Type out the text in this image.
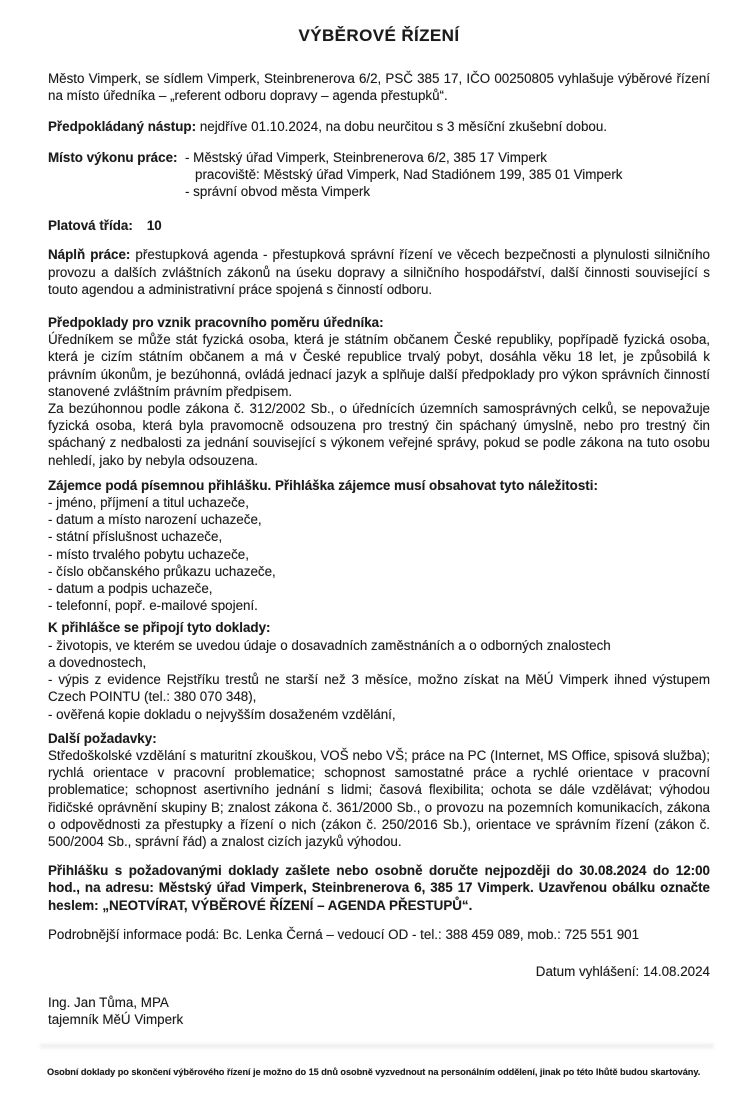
VÝBĚROVÉ ŘÍZENÍ

Město Vimperk, se sídlem Vimperk, Steinbrenerova 6/2, PSČ 385 17, IČO 00250805 vyhlašuje výběrové řízení na místo úředníka – „referent odboru dopravy – agenda přestupků“.

Předpokládaný nástup: nejdříve 01.10.2024, na dobu neurčitou s 3 měsíční zkušební dobou.

Místo výkonu práce: - Městský úřad Vimperk, Steinbrenerova 6/2, 385 17 Vimperk
pracoviště: Městský úřad Vimperk, Nad Stadiónem 199, 385 01 Vimperk
- správní obvod města Vimperk

Platová třída: 10

Náplň práce: přestupková agenda - přestupková správní řízení ve věcech bezpečnosti a plynulosti silničního provozu a dalších zvláštních zákonů na úseku dopravy a silničního hospodářství, další činnosti související s touto agendou a administrativní práce spojená s činností odboru.

Předpoklady pro vznik pracovního poměru úředníka:

Úředníkem se může stát fyzická osoba, která je státním občanem České republiky, popřípadě fyzická osoba, která je cizím státním občanem a má v České republice trvalý pobyt, dosáhla věku 18 let, je způsobilá k právním úkonům, je bezúhonná, ovládá jednací jazyk a splňuje další předpoklady pro výkon správních činností stanovené zvláštním právním předpisem.

Za bezúhonnou podle zákona č. 312/2002 Sb., o úřednících územních samosprávných celků, se nepovažuje fyzická osoba, která byla pravomocně odsouzena pro trestný čin spáchaný úmyslně, nebo pro trestný čin spáchaný z nedbalosti za jednání související s výkonem veřejné správy, pokud se podle zákona na tuto osobu nehledí, jako by nebyla odsouzena.

Zájemce podá písemnou přihlášku. Přihláška zájemce musí obsahovat tyto náležitosti:

- jméno, příjmení a titul uchazeče,

- datum a místo narození uchazeče,

- státní příslušnost uchazeče,

- místo trvalého pobytu uchazeče,

- číslo občanského průkazu uchazeče,

- datum a podpis uchazeče,

- telefonní, popř. e-mailové spojení.

K přihlášce se připojí tyto doklady:

- životopis, ve kterém se uvedou údaje o dosavadních zaměstnáních a o odborných znalostech

a dovednostech,

- výpis z evidence Rejstříku trestů ne starší než 3 měsíce, možno získat na MěÚ Vimperk ihned výstupem Czech POINTU (tel.: 380 070 348),

- ověřená kopie dokladu o nejvyšším dosaženém vzdělání,

Další požadavky:

Středoškolské vzdělání s maturitní zkouškou, VOŠ nebo VŠ; práce na PC (Internet, MS Office, spisová služba); rychlá orientace v pracovní problematice; schopnost samostatné práce a rychlé orientace v pracovní problematice; schopnost asertivního jednání s lidmi; časová flexibilita; ochota se dále vzdělávat; výhodou řidičské oprávnění skupiny B; znalost zákona č. 361/2000 Sb., o provozu na pozemních komunikacích, zákona o odpovědnosti za přestupky a řízení o nich (zákon č. 250/2016 Sb.), orientace ve správním řízení (zákon č. 500/2004 Sb., správní řád) a znalost cizích jazyků výhodou.

Přihlášku s požadovanými doklady zašlete nebo osobně doručte nejpozději do 30.08.2024 do 12:00 hod., na adresu: Městský úřad Vimperk, Steinbrenerova 6, 385 17 Vimperk. Uzavřenou obálku označte heslem: „NEOTVÍRAT, VÝBĚROVÉ ŘÍZENÍ – AGENDA PŘESTUPŮ“.

Podrobnější informace podá: Bc. Lenka Černá – vedoucí OD - tel.: 388 459 089, mob.: 725 551 901

Datum vyhlášení: 14.08.2024

Ing. Jan Tůma, MPA

tajemník MěÚ Vimperk

Osobní doklady po skončení výběrového řízení je možno do 15 dnů osobně vyzvednout na personálním oddělení, jinak po této lhůtě budou skartovány.
